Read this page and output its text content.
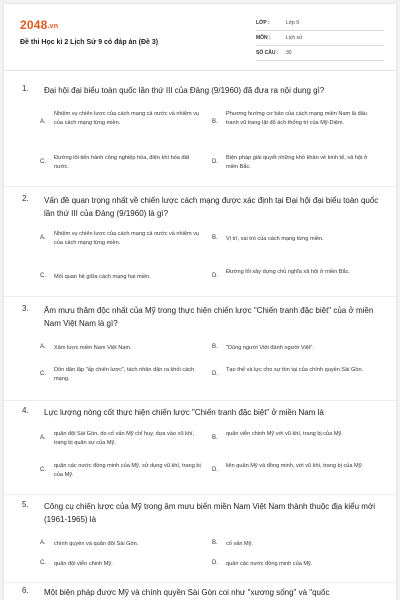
2048.vn
Đề thi Học kì 2 Lịch Sử 9 có đáp án (Đề 3)
LỚP :	Lớp 9
MÔN :	Lịch sử
SỐ CÂU :	30
1. Đại hội đại biểu toàn quốc lần thứ III của Đảng (9/1960) đã đưa ra nội dung gì?
A.
Nhiệm vụ chiến lược của cách mạng cả nước và nhiệm vụ của cách mạng từng miền.	B.
Phương hướng cơ bản của cách mạng miền Nam là đấu tranh vũ trang lật đổ ách thống trị của Mỹ-Diệm.
C.
Đường lối tiến hành công nghiệp hóa, điện khí hóa đất nước.
D.
Biện pháp giải quyết những khó khăn về kinh tế, xã hội ở miền Bắc.
2. Vấn đề quan trọng nhất về chiến lược cách mạng được xác định tại Đại hội đại biểu toàn quốc lần thứ III của Đảng (9/1960) là gì?
A.
Nhiệm vụ chiến lược của cách mạng cả nước và nhiệm vụ của cách mạng từng miền.
B. Vị trí, vai trò của cách mạng từng miền.
C. Mối quan hệ giữa cách mạng hai miền.	D.
Đường lối xây dựng chủ nghĩa xã hội ở miền Bắc.
3. Âm mưu thâm độc nhất của Mỹ trong thực hiện chiến lược "Chiến tranh đặc biệt" của ở miền Nam Việt Nam là gì?
A. Xâm lược miền Nam Việt Nam.	B. "Dùng người Việt đánh người Việt".
C.
Dồn dân lập "ấp chiến lược", tách nhân dân ra khỏi cách mạng.
D.
Tạo thế và lực cho sự tồn tại của chính quyền Sài Gòn.
4. Lực lượng nòng cốt thực hiện chiến lược "Chiến tranh đặc biệt" ở miền Nam là
A.
quân đội Sài Gòn, do cố vấn Mỹ chỉ huy, dựa vào vũ khí, trang bị quân sự của Mỹ.
B.
quân viễn chinh Mỹ với vũ khí, trang bị của Mỹ.
C.
quân các nước đồng minh của Mỹ, sử dụng vũ khí, trang bị của Mỹ.
D.
liên quân Mỹ và đồng minh, với vũ khí, trang bị của Mỹ.
5. Công cụ chiến lược của Mỹ trong âm mưu biến miền Nam Việt Nam thành thuộc địa kiểu mới (1961-1965) là
A. chính quyền và quân đội Sài Gòn.	B. cố vấn Mỹ.
C. quân đội viễn chinh Mỹ.	D. quân các nước đồng minh của Mỹ.
6. Một biện pháp được Mỹ và chính quyền Sài Gòn coi như "xương sống" và "quốc
